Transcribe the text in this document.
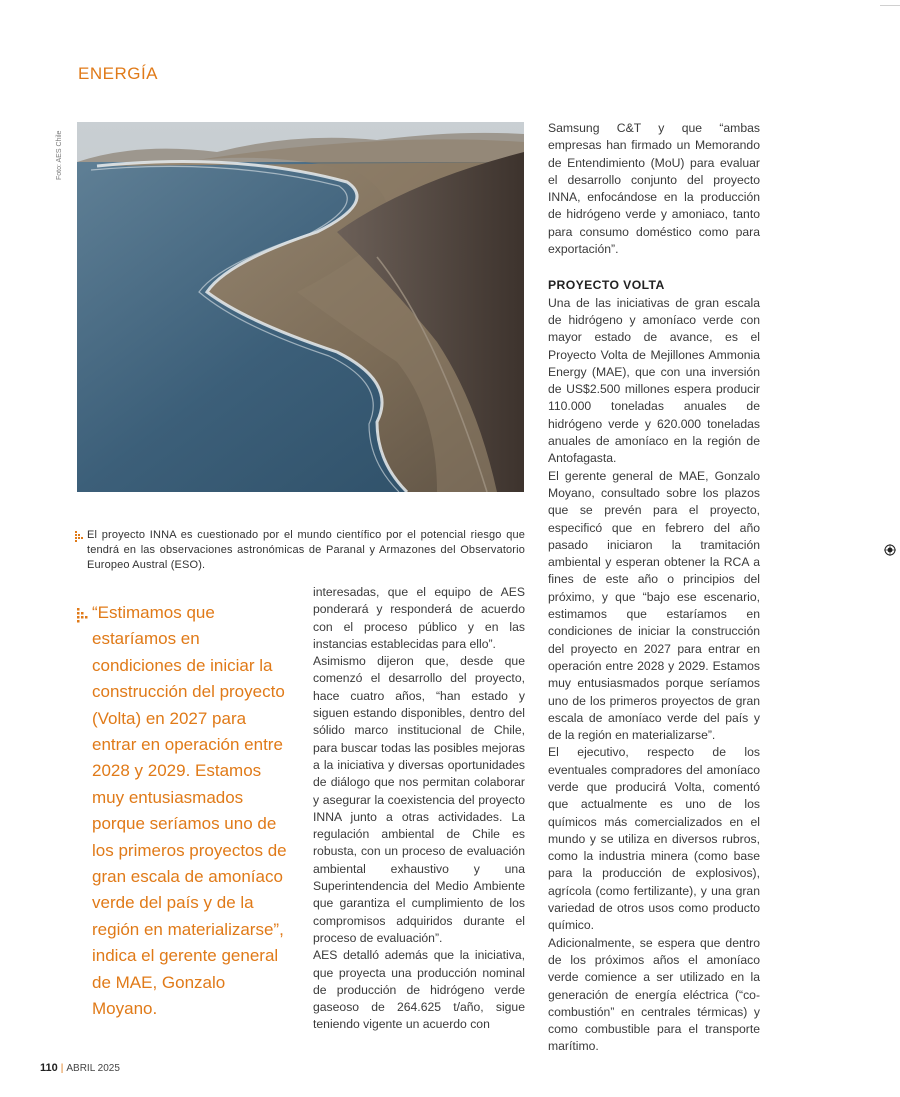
ENERGÍA
Foto: AES Chile
El proyecto INNA es cuestionado por el mundo científico por el potencial riesgo que tendrá en las observaciones astronómicas de Paranal y Armazones del Observatorio Europeo Austral (ESO).
“Estimamos que estaríamos en condiciones de iniciar la construcción del proyecto (Volta) en 2027 para entrar en operación entre 2028 y 2029. Estamos muy entusiasmados porque seríamos uno de los primeros proyectos de gran escala de amoníaco verde del país y de la región en materializarse”, indica el gerente general de MAE, Gonzalo Moyano.

interesadas, que el equipo de AES ponderará y responderá de acuerdo con el proceso público y en las instancias establecidas para ello”.

Asimismo dijeron que, desde que comenzó el desarrollo del proyecto, hace cuatro años, “han estado y siguen estando disponibles, dentro del sólido marco institucional de Chile, para buscar todas las posibles mejoras a la iniciativa y diversas oportunidades de diálogo que nos permitan colaborar y asegurar la coexistencia del proyecto INNA junto a otras actividades. La regulación ambiental de Chile es robusta, con un proceso de evaluación ambiental exhaustivo y una Superintendencia del Medio Ambiente que garantiza el cumplimiento de los compromisos adquiridos durante el proceso de evaluación”.

AES detalló además que la iniciativa, que proyecta una producción nominal de producción de hidrógeno verde gaseoso de 264.625 t/año, sigue teniendo vigente un acuerdo con

Samsung C&T y que “ambas empresas han firmado un Memorando de Entendimiento (MoU) para evaluar el desarrollo conjunto del proyecto INNA, enfocándose en la producción de hidrógeno verde y amoniaco, tanto para consumo doméstico como para exportación”.

PROYECTO VOLTA

Una de las iniciativas de gran escala de hidrógeno y amoníaco verde con mayor estado de avance, es el Proyecto Volta de Mejillones Ammonia Energy (MAE), que con una inversión de US$2.500 millones espera producir 110.000 toneladas anuales de hidrógeno verde y 620.000 toneladas anuales de amoníaco en la región de Antofagasta.

El gerente general de MAE, Gonzalo Moyano, consultado sobre los plazos que se prevén para el proyecto, especificó que en febrero del año pasado iniciaron la tramitación ambiental y esperan obtener la RCA a fines de este año o principios del próximo, y que “bajo ese escenario, estimamos que estaríamos en condiciones de iniciar la construcción del proyecto en 2027 para entrar en operación entre 2028 y 2029. Estamos muy entusiasmados porque seríamos uno de los primeros proyectos de gran escala de amoníaco verde del país y de la región en materializarse”.

El ejecutivo, respecto de los eventuales compradores del amoníaco verde que producirá Volta, comentó que actualmente es uno de los químicos más comercializados en el mundo y se utiliza en diversos rubros, como la industria minera (como base para la producción de explosivos), agrícola (como fertilizante), y una gran variedad de otros usos como producto químico.

Adicionalmente, se espera que dentro de los próximos años el amoníaco verde comience a ser utilizado en la generación de energía eléctrica (“co-combustión” en centrales térmicas) y como combustible para el transporte marítimo.

110 | ABRIL 2025
